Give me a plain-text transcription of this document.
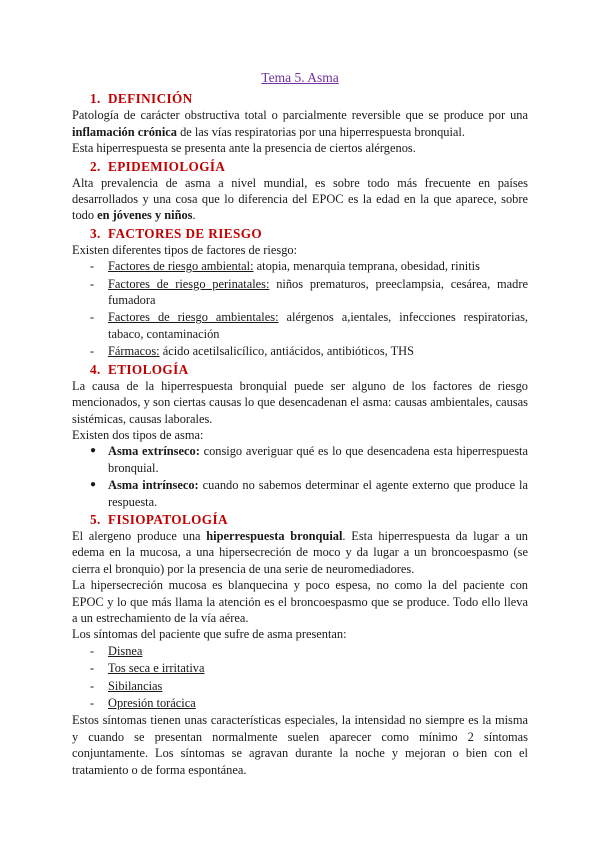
Tema 5. Asma
1. DEFINICIÓN

Patología de carácter obstructiva total o parcialmente reversible que se produce por una inflamación crónica de las vías respiratorias por una hiperrespuesta bronquial.

Esta hiperrespuesta se presenta ante la presencia de ciertos alérgenos.

2. EPIDEMIOLOGÍA

Alta prevalencia de asma a nivel mundial, es sobre todo más frecuente en países desarrollados y una cosa que lo diferencia del EPOC es la edad en la que aparece, sobre todo en jóvenes y niños.

3. FACTORES DE RIESGO

Existen diferentes tipos de factores de riesgo:

- Factores de riesgo ambiental: atopia, menarquia temprana, obesidad, rinitis
- Factores de riesgo perinatales: niños prematuros, preeclampsia, cesárea, madre fumadora
- Factores de riesgo ambientales: alérgenos a,ientales, infecciones respiratorias, tabaco, contaminación
- Fármacos: ácido acetilsalicílico, antiácidos, antibióticos, THS
4. ETIOLOGÍA

La causa de la hiperrespuesta bronquial puede ser alguno de los factores de riesgo mencionados, y son ciertas causas lo que desencadenan el asma: causas ambientales, causas sistémicas, causas laborales.

Existen dos tipos de asma:

● Asma extrínseco: consigo averiguar qué es lo que desencadena esta hiperrespuesta bronquial.
● Asma intrínseco: cuando no sabemos determinar el agente externo que produce la respuesta.
5. FISIOPATOLOGÍA

El alergeno produce una hiperrespuesta bronquial. Esta hiperrespuesta da lugar a un edema en la mucosa, a una hipersecreción de moco y da lugar a un broncoespasmo (se cierra el bronquio) por la presencia de una serie de neuromediadores.

La hipersecreción mucosa es blanquecina y poco espesa, no como la del paciente con EPOC y lo que más llama la atención es el broncoespasmo que se produce. Todo ello lleva a un estrechamiento de la vía aérea.

Los síntomas del paciente que sufre de asma presentan:

- Disnea
- Tos seca e irritativa
- Sibilancias
- Opresión torácica

Estos síntomas tienen unas características especiales, la intensidad no siempre es la misma y cuando se presentan normalmente suelen aparecer como mínimo 2 síntomas conjuntamente. Los síntomas se agravan durante la noche y mejoran o bien con el tratamiento o de forma espontánea.
